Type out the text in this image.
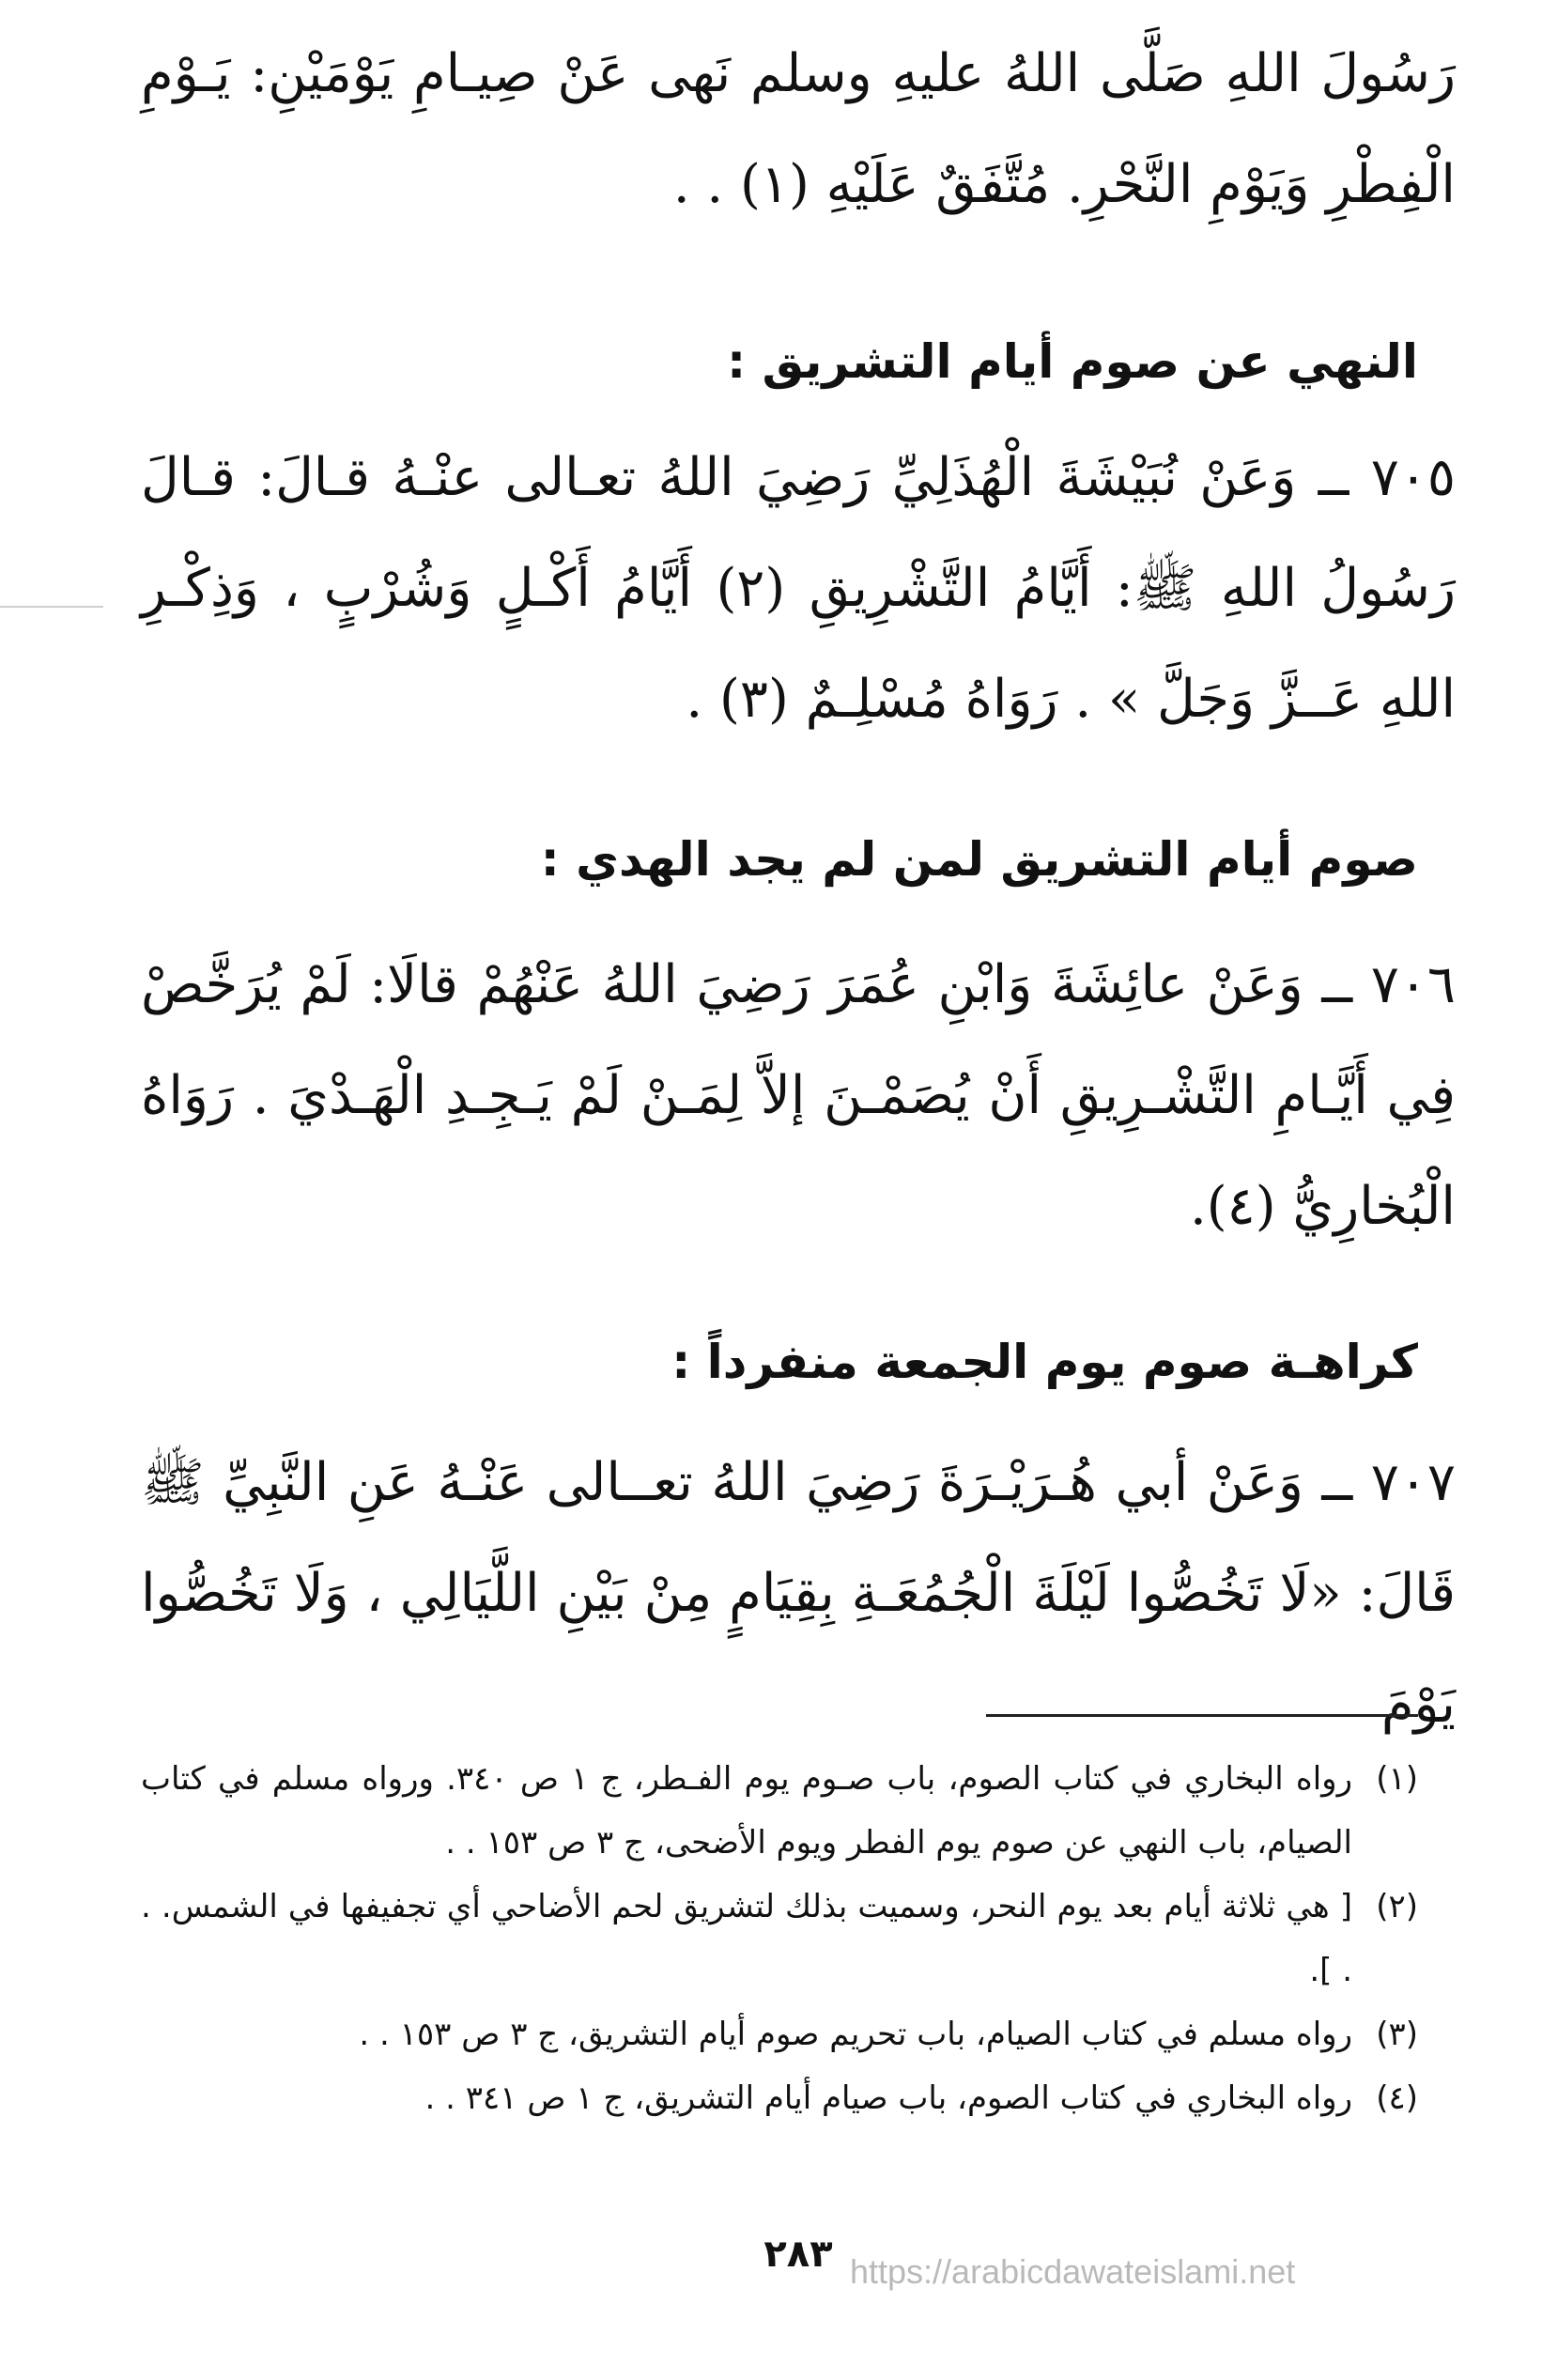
رَسُولَ اللهِ صَلَّى اللهُ عليهِ وسلم نَهى عَنْ صِيـامِ يَوْمَيْنِ: يَـوْمِ الْفِطْرِ وَيَوْمِ النَّحْرِ. مُتَّفَقٌ عَلَيْهِ (١) . .

النهي عن صوم أيام التشريق :

٧٠٥ ــ وَعَنْ نُبَيْشَةَ الْهُذَلِيِّ رَضِيَ اللهُ تعـالى عنْـهُ قـالَ: قـالَ رَسُولُ اللهِ ﷺ: أَيَّامُ التَّشْرِيقِ (٢) أَيَّامُ أَكْـلٍ وَشُرْبٍ ، وَذِكْـرِ اللهِ عَــزَّ وَجَلَّ » . رَوَاهُ مُسْلِـمٌ (٣) .

صوم أيام التشريق لمن لم يجد الهدي :

٧٠٦ ــ وَعَنْ عائِشَةَ وَابْنِ عُمَرَ رَضِيَ اللهُ عَنْهُمْ قالَا: لَمْ يُرَخَّصْ فِي أَيَّـامِ التَّشْـرِيقِ أَنْ يُصَمْـنَ إلاَّ لِمَـنْ لَمْ يَـجِـدِ الْهَـدْيَ . رَوَاهُ الْبُخارِيُّ (٤).

كراهـة صوم يوم الجمعة منفرداً :

٧٠٧ ــ وَعَنْ أبي هُـرَيْـرَةَ رَضِيَ اللهُ تعــالى عَنْـهُ عَنِ النَّبِيِّ ﷺ قَالَ: «لَا تَخُصُّوا لَيْلَةَ الْجُمُعَـةِ بِقِيَامٍ مِنْ بَيْنِ اللَّيَالِي ، وَلَا تَخُصُّوا يَوْمَ

(١)
رواه البخاري في كتاب الصوم، باب صـوم يوم الفـطر، ج ١ ص ٣٤٠. ورواه مسلم في كتاب الصيام، باب النهي عن صوم يوم الفطر ويوم الأضحى، ج ٣ ص ١٥٣ . .
(٢)
[ هي ثلاثة أيام بعد يوم النحر، وسميت بذلك لتشريق لحم الأضاحي أي تجفيفها في الشمس. . . ].
(٣)
رواه مسلم في كتاب الصيام، باب تحريم صوم أيام التشريق، ج ٣ ص ١٥٣ . .
(٤)
رواه البخاري في كتاب الصوم، باب صيام أيام التشريق، ج ١ ص ٣٤١ . .
٢٨٣ https://arabicdawateislami.net
